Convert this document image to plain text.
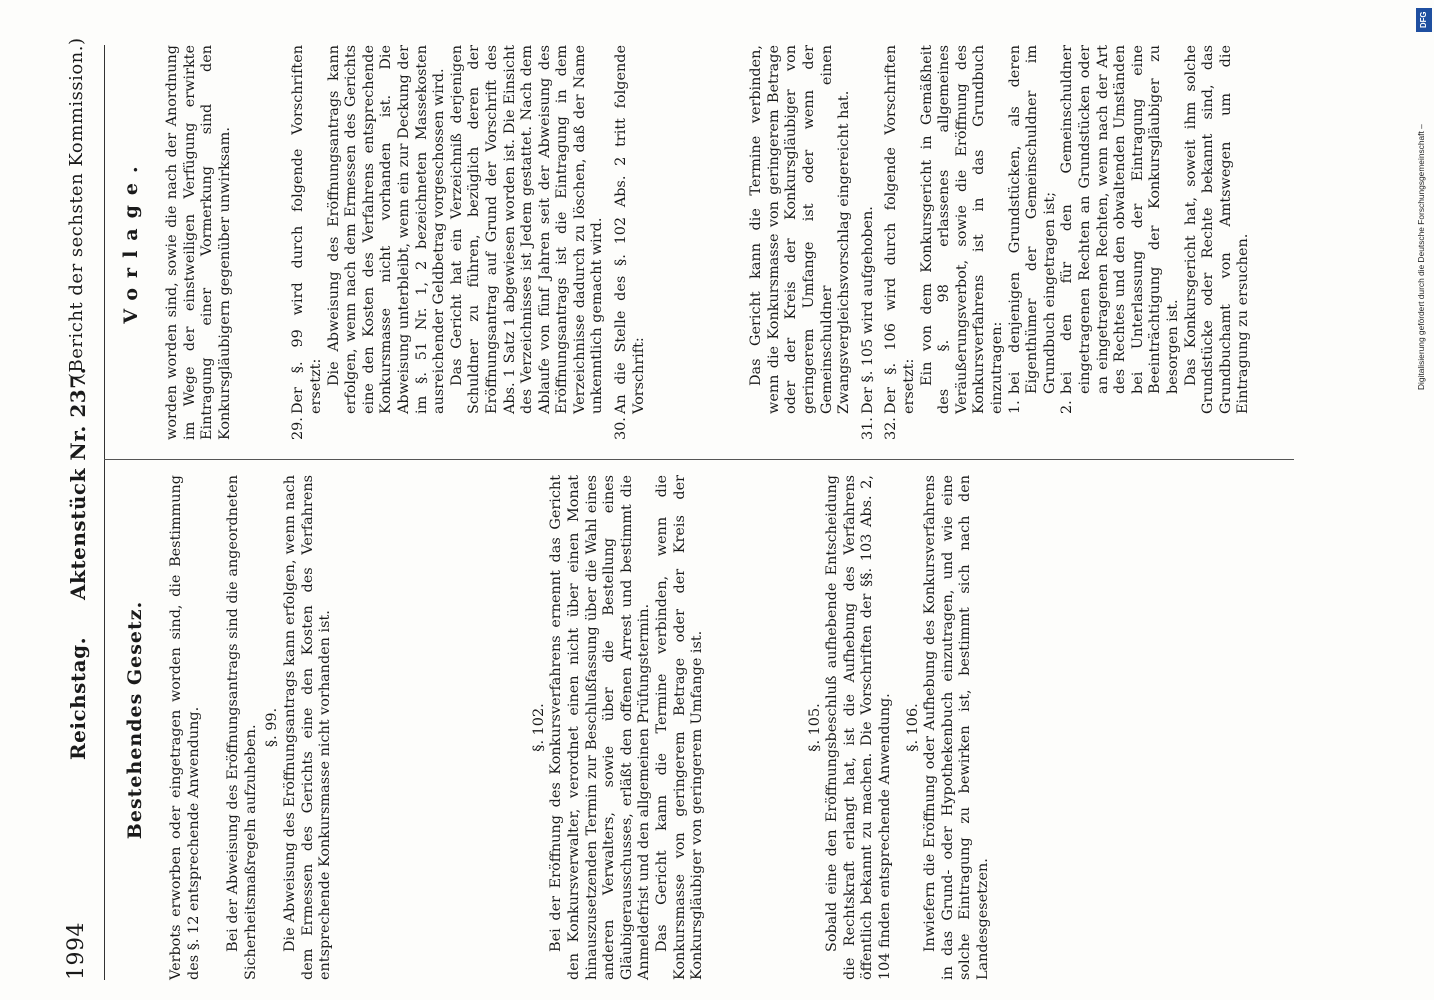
1994
Reichstag.
Aktenstück Nr. 237.
(Bericht der sechsten Kommission.)
Bestehendes Gesetz.
Vorlage.
Verbots erworben oder eingetragen worden sind, die Bestimmung des §. 12 entsprechende Anwendung. Bei der Abweisung des Eröffnungsantrags sind die angeordneten Sicherheitsmaßregeln aufzuheben. §. 99. Die Abweisung des Eröffnungsantrags kann erfolgen, wenn nach dem Ermessen des Gerichts eine den Kosten des Verfahrens entsprechende Konkursmasse nicht vorhanden ist.	§. 102. Bei der Eröffnung des Konkursverfahrens ernennt das Gericht den Konkursverwalter, verordnet einen nicht über einen Monat hinauszusetzenden Termin zur Beschlußfassung über die Wahl eines anderen Verwalters, sowie über die Bestellung eines Gläubigerausschusses, erläßt den offenen Arrest und bestimmt die Anmeldefrist und den allgemeinen Prüfungstermin. Das Gericht kann die Termine verbinden, wenn die Konkursmasse von geringerem Betrage oder der Kreis der Konkursgläubiger von geringerem Umfange ist.	§. 105. Sobald eine den Eröffnungsbeschluß aufhebende Entscheidung die Rechtskraft erlangt hat, ist die Aufhebung des Verfahrens öffentlich bekannt zu machen. Die Vorschriften der §§. 103 Abs. 2, 104 finden entsprechende Anwendung. §. 106. Inwiefern die Eröffnung oder Aufhebung des Konkursverfahrens in das Grund- oder Hypothekenbuch einzutragen, und wie eine solche Eintragung zu bewirken ist, bestimmt sich nach den Landesgesetzen.
worden worden sind, sowie die nach der Anordnung im Wege der einstweiligen Verfügung erwirkte Eintragung einer Vormerkung sind den Konkursgläubigern gegenüber unwirksam.	29.
Der §. 99 wird durch folgende Vorschriften ersetzt:
Die Abweisung des Eröffnungsantrags kann erfolgen, wenn nach dem Ermessen des Gerichts eine den Kosten des Verfahrens entsprechende Konkursmasse nicht vorhanden ist. Die Abweisung unterbleibt, wenn ein zur Deckung der im §. 51 Nr. 1, 2 bezeichneten Massekosten ausreichender Geldbetrag vorgeschossen wird. Das Gericht hat ein Verzeichniß derjenigen Schuldner zu führen, bezüglich deren der Eröffnungsantrag auf Grund der Vorschrift des Abs. 1 Satz 1 abgewiesen worden ist. Die Einsicht des Verzeichnisses ist Jedem gestattet. Nach dem Ablaufe von fünf Jahren seit der Abweisung des Eröffnungsantrags ist die Eintragung in dem Verzeichnisse dadurch zu löschen, daß der Name unkenntlich gemacht wird.
30.
An die Stelle des §. 102 Abs. 2 tritt folgende Vorschrift:	Das Gericht kann die Termine verbinden, wenn die Konkursmasse von geringerem Betrage oder der Kreis der Konkursgläubiger von geringerem Umfange ist oder wenn der Gemeinschuldner einen Zwangsvergleichsvorschlag eingereicht hat.
31.
Der §. 105 wird aufgehoben.
32.
Der §. 106 wird durch folgende Vorschriften ersetzt:
Ein von dem Konkursgericht in Gemäßheit des §. 98 erlassenes allgemeines Veräußerungsverbot, sowie die Eröffnung des Konkursverfahrens ist in das Grundbuch einzutragen: 1.
bei denjenigen Grundstücken, als deren Eigenthümer der Gemeinschuldner im Grundbuch eingetragen ist;
2.
bei den für den Gemeinschuldner eingetragenen Rechten an Grundstücken oder an eingetragenen Rechten, wenn nach der Art des Rechtes und den obwaltenden Umständen bei Unterlassung der Eintragung eine Beeinträchtigung der Konkursgläubiger zu besorgen ist. Das Konkursgericht hat, soweit ihm solche Grundstücke oder Rechte bekannt sind, das Grundbuchamt von Amtswegen um die Eintragung zu ersuchen.	Digitalisierung gefördert durch die Deutsche Forschungsgemeinschaft –
DFG
